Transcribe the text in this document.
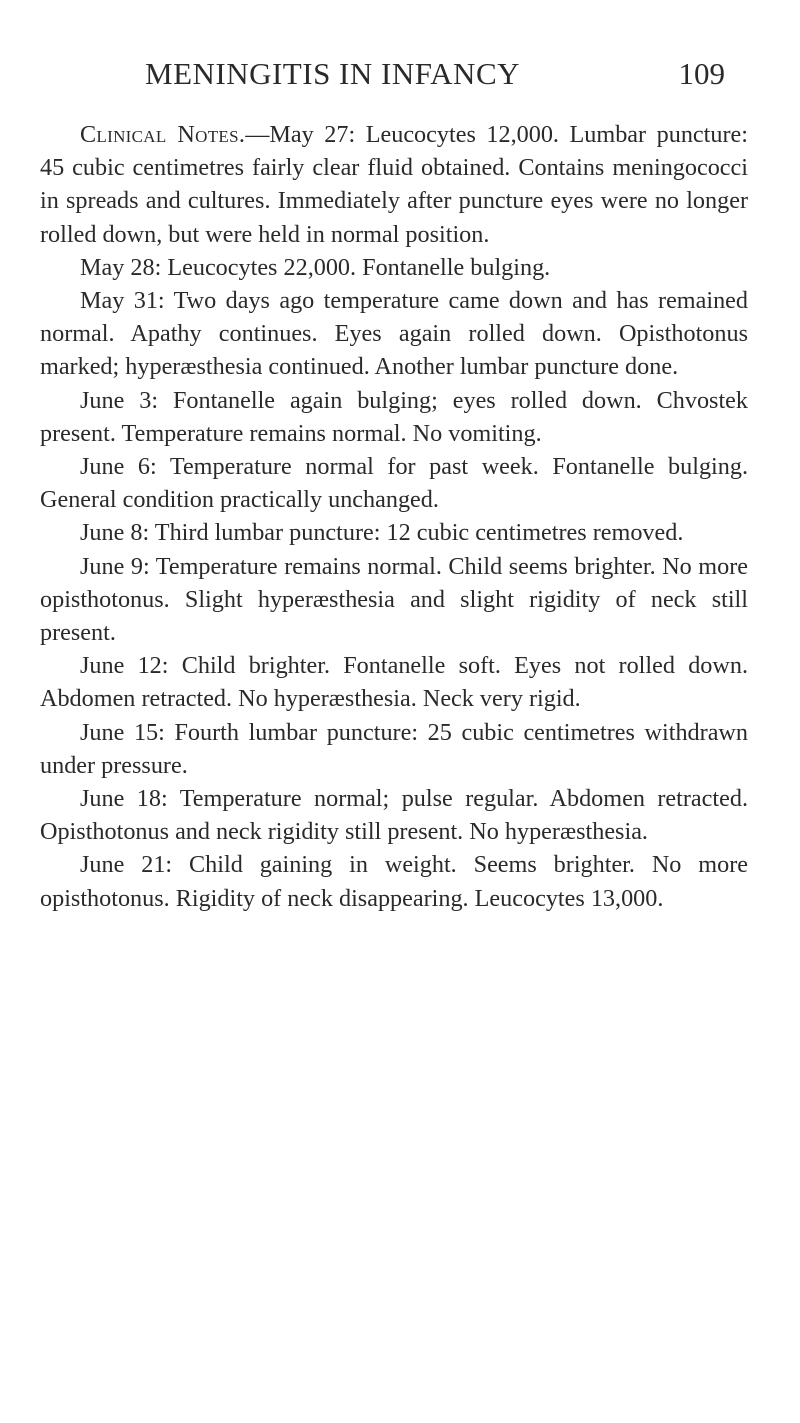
MENINGITIS IN INFANCY	109

Clinical Notes.—May 27: Leucocytes 12,000. Lumbar puncture: 45 cubic centimetres fairly clear fluid obtained. Contains meningococci in spreads and cultures. Immediately after puncture eyes were no longer rolled down, but were held in normal position.

May 28: Leucocytes 22,000. Fontanelle bulging.

May 31: Two days ago temperature came down and has remained normal. Apathy continues. Eyes again rolled down. Opisthotonus marked; hyperæsthesia continued. Another lumbar puncture done.

June 3: Fontanelle again bulging; eyes rolled down. Chvostek present. Temperature remains normal. No vomiting.

June 6: Temperature normal for past week. Fontanelle bulging. General condition practically unchanged.

June 8: Third lumbar puncture: 12 cubic centimetres removed.

June 9: Temperature remains normal. Child seems brighter. No more opisthotonus. Slight hyperæsthesia and slight rigidity of neck still present.

June 12: Child brighter. Fontanelle soft. Eyes not rolled down. Abdomen retracted. No hyperæsthesia. Neck very rigid.

June 15: Fourth lumbar puncture: 25 cubic centimetres withdrawn under pressure.

June 18: Temperature normal; pulse regular. Abdomen retracted. Opisthotonus and neck rigidity still present. No hyperæsthesia.

June 21: Child gaining in weight. Seems brighter. No more opisthotonus. Rigidity of neck disappearing. Leucocytes 13,000.
